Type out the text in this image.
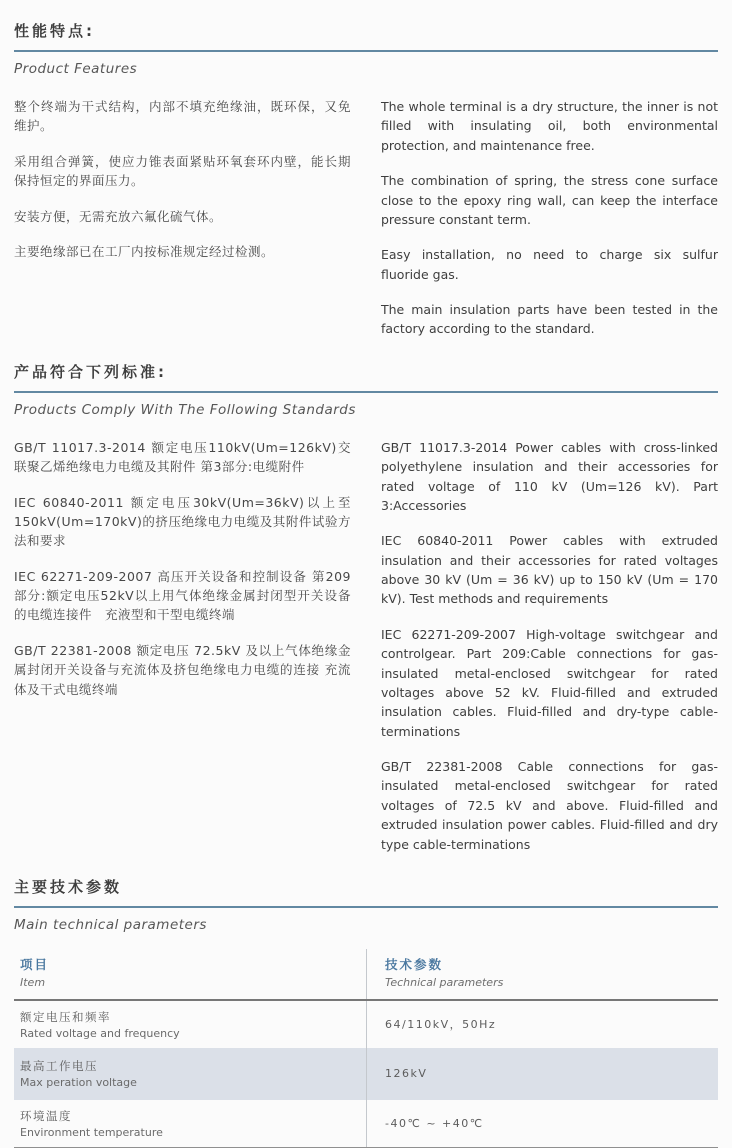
性能特点:

Product Features

整个终端为干式结构，内部不填充绝缘油，既环保，又免维护。

采用组合弹簧，使应力锥表面紧贴环氧套环内壁，能长期保持恒定的界面压力。

安装方便，无需充放六氟化硫气体。

主要绝缘部已在工厂内按标准规定经过检测。

The whole terminal is a dry structure, the inner is not filled with insulating oil, both environmental protection, and maintenance free.

The combination of spring, the stress cone surface close to the epoxy ring wall, can keep the interface pressure constant term.

Easy installation, no need to charge six sulfur fluoride gas.

The main insulation parts have been tested in the factory according to the standard.

产品符合下列标准:

Products Comply With The Following Standards

GB/T 11017.3-2014 额定电压110kV(Um=126kV)交联聚乙烯绝缘电力电缆及其附件 第3部分:电缆附件

IEC 60840-2011 额定电压30kV(Um=36kV)以上至150kV(Um=170kV)的挤压绝缘电力电缆及其附件试验方法和要求

IEC 62271-209-2007 高压开关设备和控制设备 第209部分:额定电压52kV以上用气体绝缘金属封闭型开关设备的电缆连接件　充液型和干型电缆终端

GB/T 22381-2008 额定电压 72.5kV 及以上气体绝缘金属封闭开关设备与充流体及挤包绝缘电力电缆的连接 充流体及干式电缆终端

GB/T 11017.3-2014 Power cables with cross-linked polyethylene insulation and their accessories for rated voltage of 110 kV (Um=126 kV). Part 3:Accessories

IEC 60840-2011 Power cables with extruded insulation and their accessories for rated voltages above 30 kV (Um = 36 kV) up to 150 kV (Um = 170 kV). Test methods and requirements

IEC 62271-209-2007 High-voltage switchgear and controlgear. Part 209:Cable connections for gas-insulated metal-enclosed switchgear for rated voltages above 52 kV. Fluid-filled and extruded insulation cables. Fluid-filled and dry-type cable-terminations

GB/T 22381-2008 Cable connections for gas-insulated metal-enclosed switchgear for rated voltages of 72.5 kV and above. Fluid-filled and extruded insulation power cables. Fluid-filled and dry type cable-terminations

主要技术参数

Main technical parameters

项目
Item
技术参数
Technical parameters
额定电压和频率
Rated voltage and frequency
64/110kV，50Hz
最高工作电压
Max peration voltage
126kV
环境温度
Environment temperature
-40℃ ~ +40℃
